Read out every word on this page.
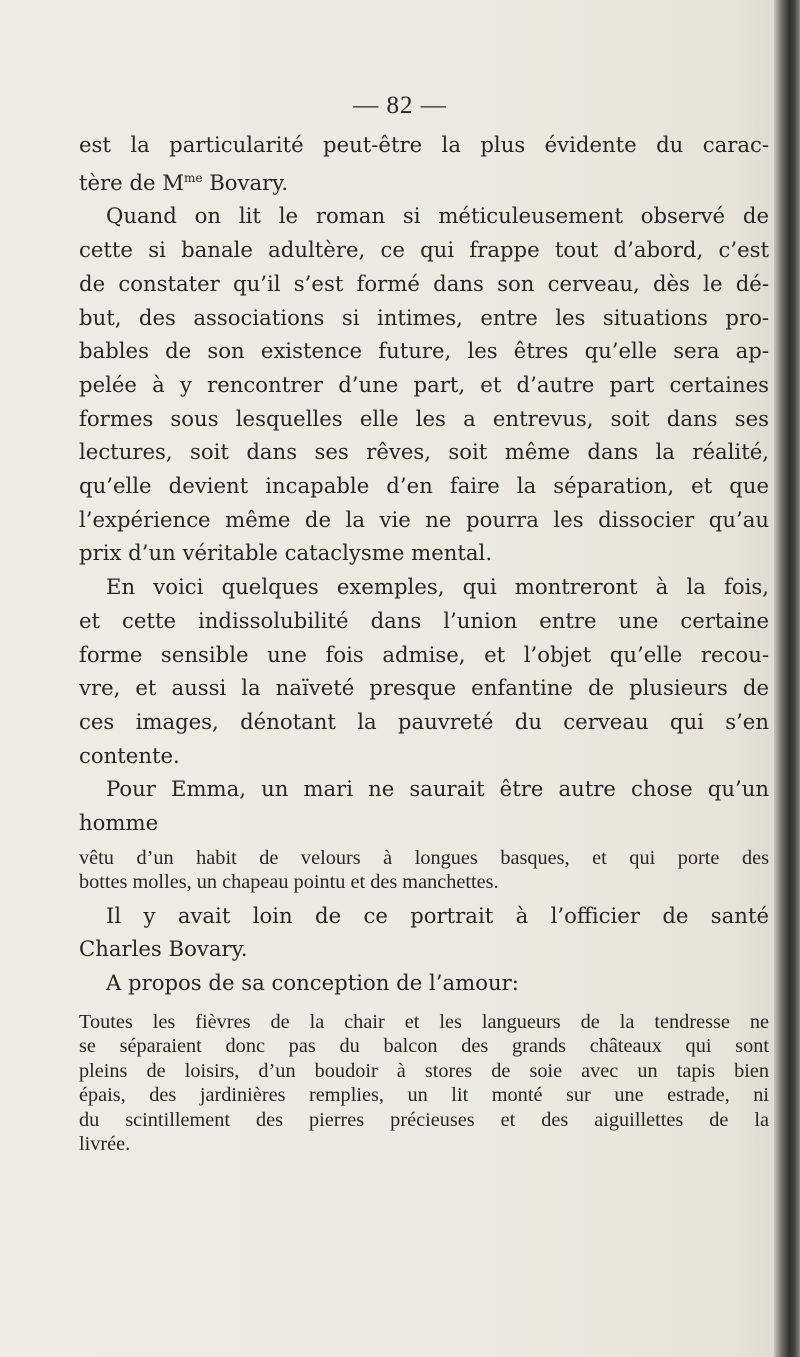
— 82 —

est la particularité peut-être la plus évidente du carac-

tère de $M^{me}$ Bovary.

Quand on lit le roman si méticuleusement observé de

cette si banale adultère, ce qui frappe tout d’abord, c’est

de constater qu’il s’est formé dans son cerveau, dès le dé-

but, des associations si intimes, entre les situations pro-

bables de son existence future, les êtres qu’elle sera ap-

pelée à y rencontrer d’une part, et d’autre part certaines

formes sous lesquelles elle les a entrevus, soit dans ses

lectures, soit dans ses rêves, soit même dans la réalité,

qu’elle devient incapable d’en faire la séparation, et que

l’expérience même de la vie ne pourra les dissocier qu’au

prix d’un véritable cataclysme mental.

En voici quelques exemples, qui montreront à la fois,

et cette indissolubilité dans l’union entre une certaine

forme sensible une fois admise, et l’objet qu’elle recou-

vre, et aussi la naïveté presque enfantine de plusieurs de

ces images, dénotant la pauvreté du cerveau qui s’en

contente.

Pour Emma, un mari ne saurait être autre chose qu’un

homme

vêtu d’un habit de velours à longues basques, et qui porte des

bottes molles, un chapeau pointu et des manchettes.

Il y avait loin de ce portrait à l’officier de santé

Charles Bovary.

A propos de sa conception de l’amour:

Toutes les fièvres de la chair et les langueurs de la tendresse ne

se séparaient donc pas du balcon des grands châteaux qui sont

pleins de loisirs, d’un boudoir à stores de soie avec un tapis bien

épais, des jardinières remplies, un lit monté sur une estrade, ni

du scintillement des pierres précieuses et des aiguillettes de la

livrée.
